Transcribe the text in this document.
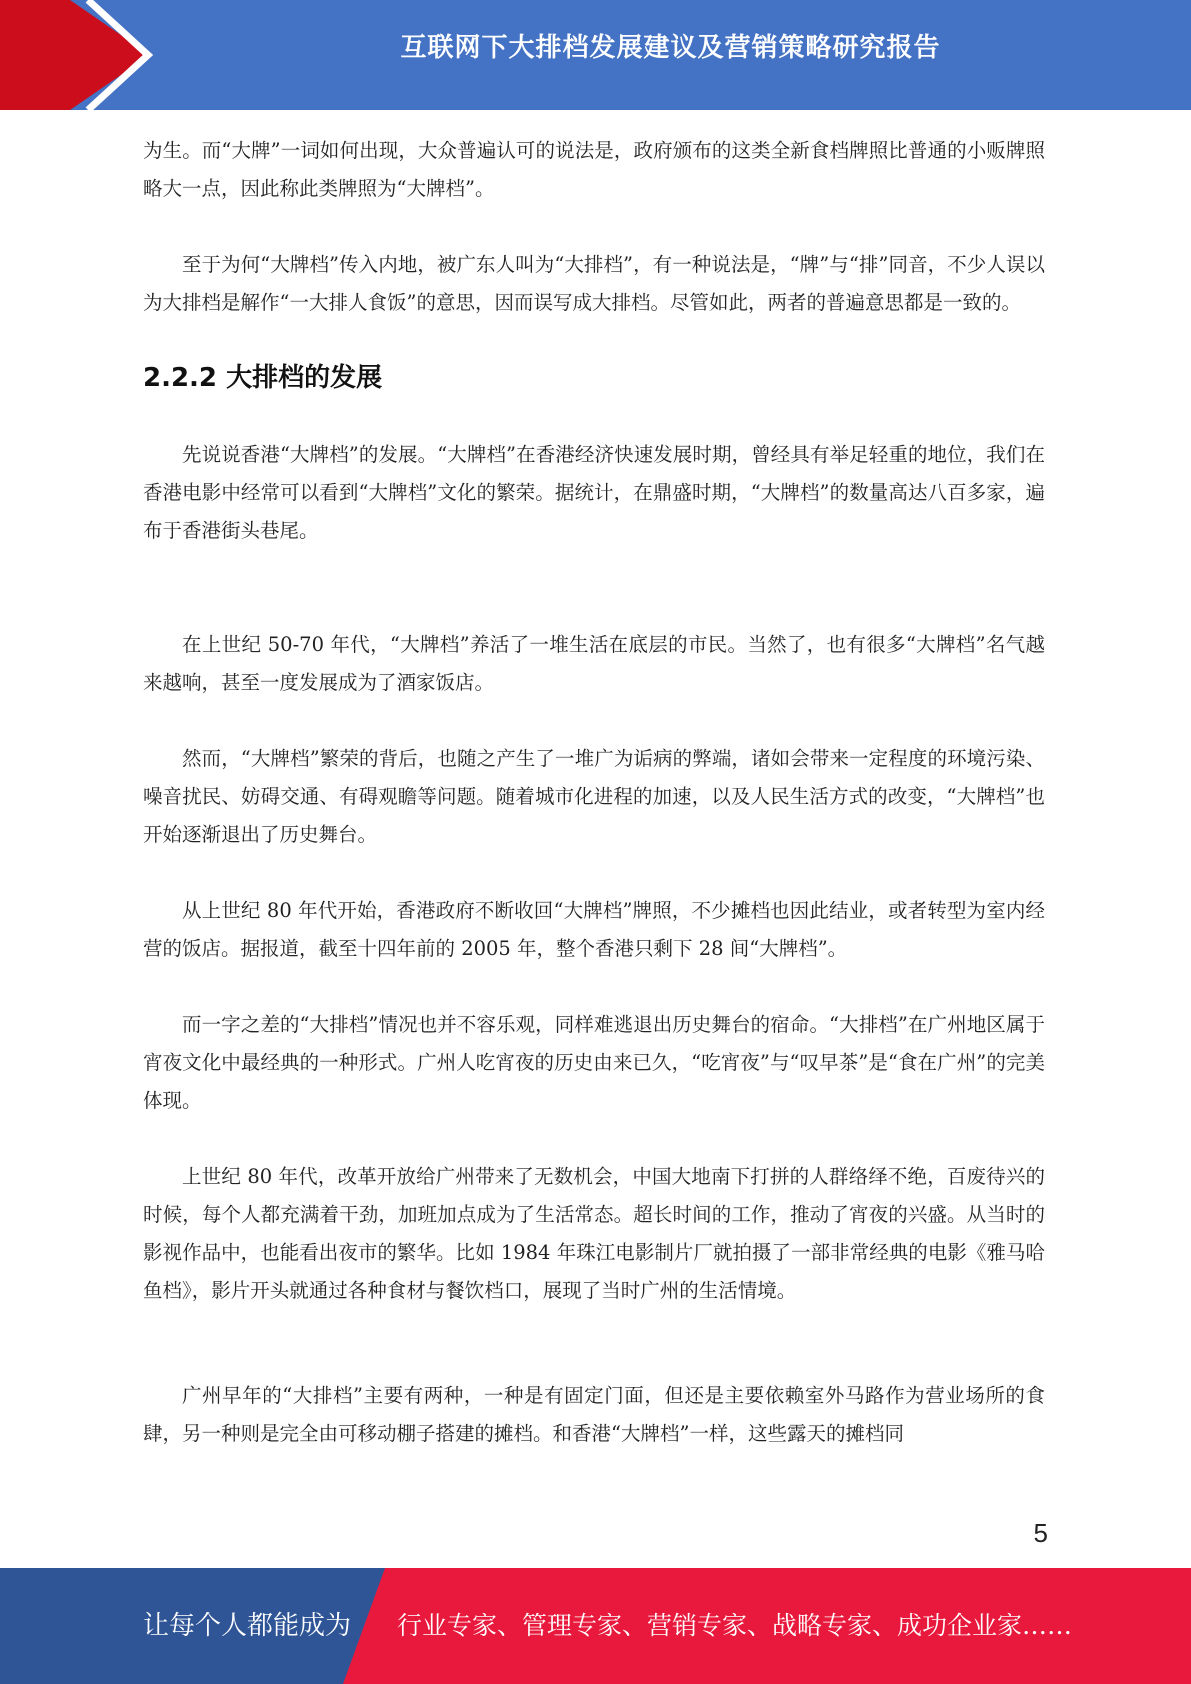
互联网下大排档发展建议及营销策略研究报告

为生。而“大牌”一词如何出现，大众普遍认可的说法是，政府颁布的这类全新食档牌照比普通的小贩牌照略大一点，因此称此类牌照为“大牌档”。

至于为何“大牌档”传入内地，被广东人叫为“大排档”，有一种说法是，“牌”与“排”同音，不少人误以为大排档是解作“一大排人食饭”的意思，因而误写成大排档。尽管如此，两者的普遍意思都是一致的。

2.2.2 大排档的发展

先说说香港“大牌档”的发展。“大牌档”在香港经济快速发展时期，曾经具有举足轻重的地位，我们在香港电影中经常可以看到“大牌档”文化的繁荣。据统计，在鼎盛时期，“大牌档”的数量高达八百多家，遍布于香港街头巷尾。

在上世纪 50-70 年代，“大牌档”养活了一堆生活在底层的市民。当然了，也有很多“大牌档”名气越来越响，甚至一度发展成为了酒家饭店。

然而，“大牌档”繁荣的背后，也随之产生了一堆广为诟病的弊端，诸如会带来一定程度的环境污染、噪音扰民、妨碍交通、有碍观瞻等问题。随着城市化进程的加速，以及人民生活方式的改变，“大牌档”也开始逐渐退出了历史舞台。

从上世纪 80 年代开始，香港政府不断收回“大牌档”牌照，不少摊档也因此结业，或者转型为室内经营的饭店。据报道，截至十四年前的 2005 年，整个香港只剩下 28 间“大牌档”。

而一字之差的“大排档”情况也并不容乐观，同样难逃退出历史舞台的宿命。“大排档”在广州地区属于宵夜文化中最经典的一种形式。广州人吃宵夜的历史由来已久，“吃宵夜”与“叹早茶”是“食在广州”的完美体现。

上世纪 80 年代，改革开放给广州带来了无数机会，中国大地南下打拼的人群络绎不绝，百废待兴的时候，每个人都充满着干劲，加班加点成为了生活常态。超长时间的工作，推动了宵夜的兴盛。从当时的影视作品中，也能看出夜市的繁华。比如 1984 年珠江电影制片厂就拍摄了一部非常经典的电影《雅马哈鱼档》，影片开头就通过各种食材与餐饮档口，展现了当时广州的生活情境。

广州早年的“大排档”主要有两种，一种是有固定门面，但还是主要依赖室外马路作为营业场所的食肆，另一种则是完全由可移动棚子搭建的摊档。和香港“大牌档”一样，这些露天的摊档同

5
让每个人都能成为 行业专家、管理专家、营销专家、战略专家、成功企业家……
